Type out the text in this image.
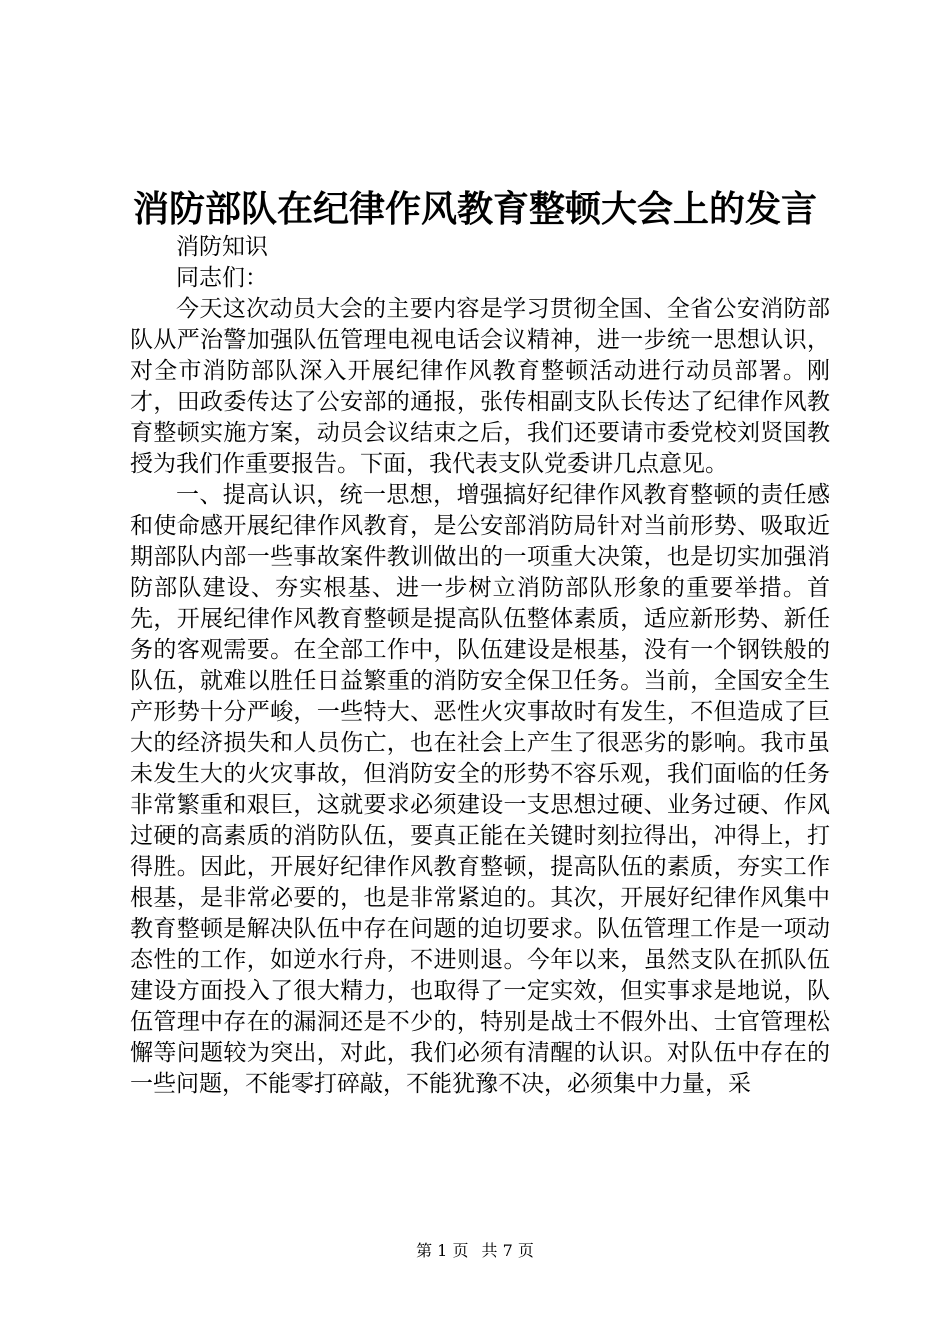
消防部队在纪律作风教育整顿大会上的发言

消防知识

同志们：

今天这次动员大会的主要内容是学习贯彻全国、全省公安消防部队从严治警加强队伍管理电视电话会议精神，进一步统一思想认识，对全市消防部队深入开展纪律作风教育整顿活动进行动员部署。刚才，田政委传达了公安部的通报，张传相副支队长传达了纪律作风教育整顿实施方案，动员会议结束之后，我们还要请市委党校刘贤国教授为我们作重要报告。下面，我代表支队党委讲几点意见。

一、提高认识，统一思想，增强搞好纪律作风教育整顿的责任感和使命感开展纪律作风教育，是公安部消防局针对当前形势、吸取近期部队内部一些事故案件教训做出的一项重大决策，也是切实加强消防部队建设、夯实根基、进一步树立消防部队形象的重要举措。首先，开展纪律作风教育整顿是提高队伍整体素质，适应新形势、新任务的客观需要。在全部工作中，队伍建设是根基，没有一个钢铁般的队伍，就难以胜任日益繁重的消防安全保卫任务。当前，全国安全生产形势十分严峻，一些特大、恶性火灾事故时有发生，不但造成了巨大的经济损失和人员伤亡，也在社会上产生了很恶劣的影响。我市虽未发生大的火灾事故，但消防安全的形势不容乐观，我们面临的任务非常繁重和艰巨，这就要求必须建设一支思想过硬、业务过硬、作风过硬的高素质的消防队伍，要真正能在关键时刻拉得出，冲得上，打得胜。因此，开展好纪律作风教育整顿，提高队伍的素质，夯实工作根基，是非常必要的，也是非常紧迫的。其次，开展好纪律作风集中教育整顿是解决队伍中存在问题的迫切要求。队伍管理工作是一项动态性的工作，如逆水行舟，不进则退。今年以来，虽然支队在抓队伍建设方面投入了很大精力，也取得了一定实效，但实事求是地说，队伍管理中存在的漏洞还是不少的，特别是战士不假外出、士官管理松懈等问题较为突出，对此，我们必须有清醒的认识。对队伍中存在的一些问题，不能零打碎敲，不能犹豫不决，必须集中力量，采

第 1 页 共 7 页
